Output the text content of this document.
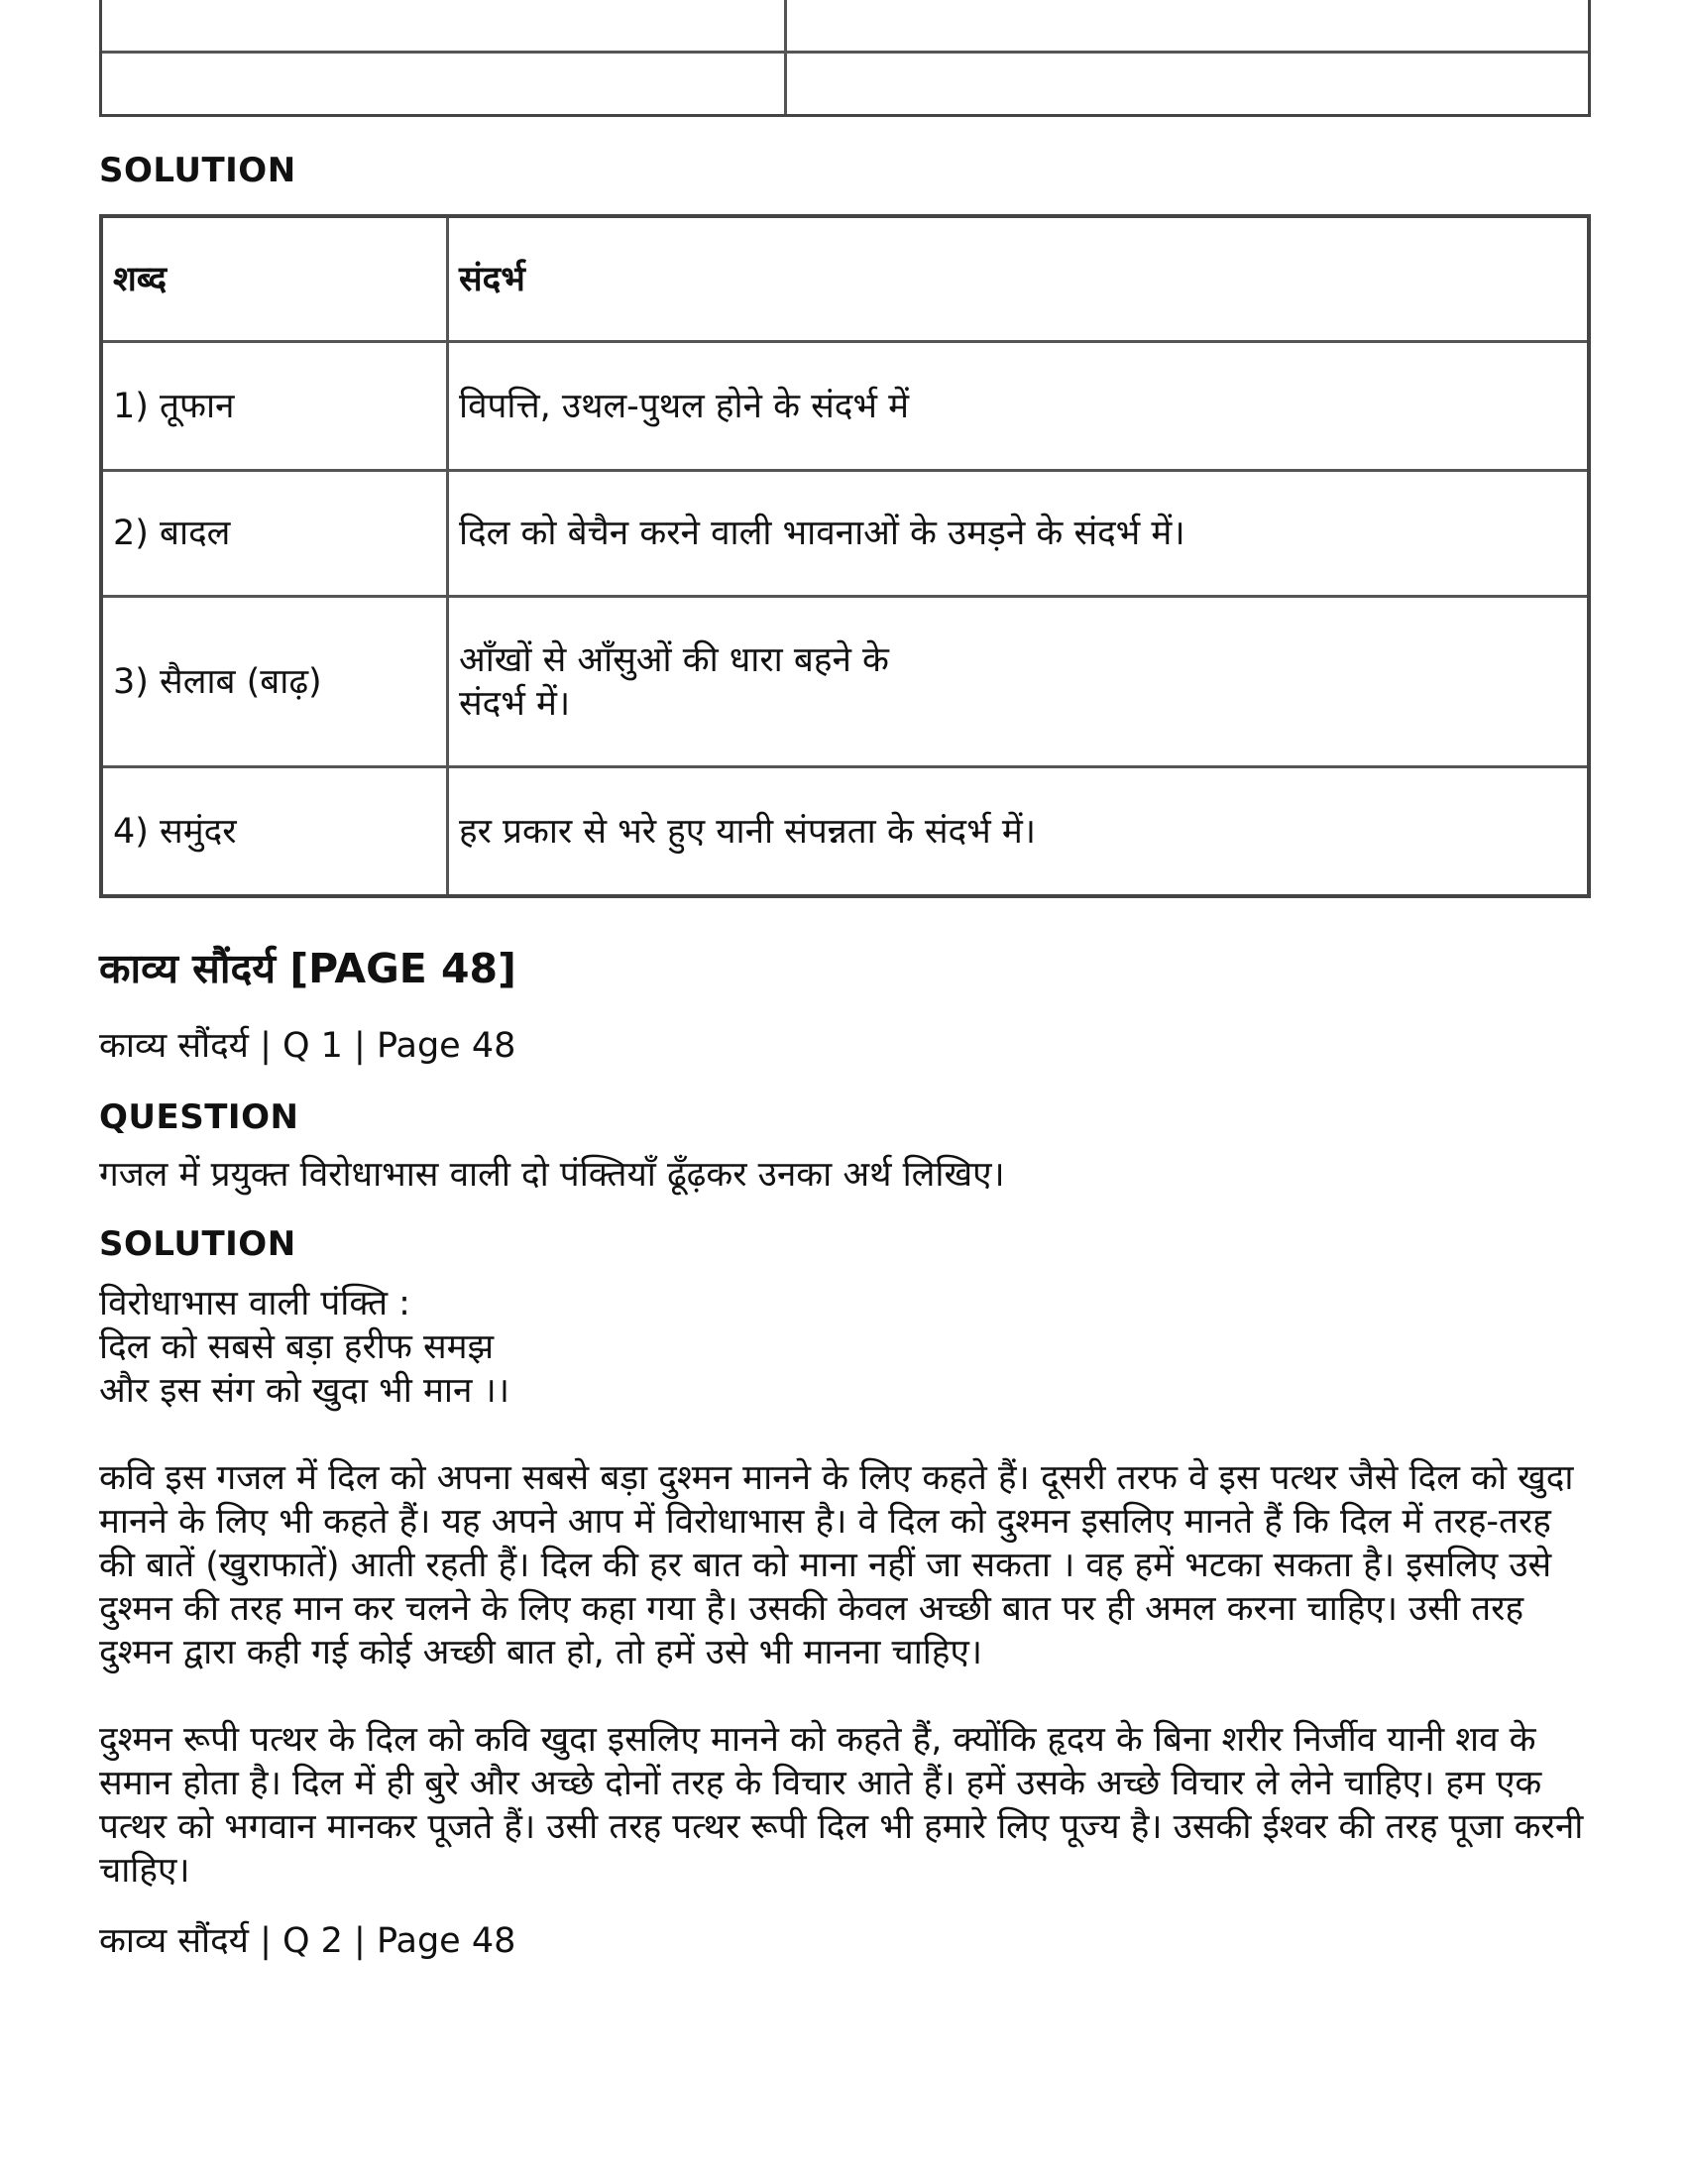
SOLUTION
शब्द	संदर्भ
1) तूफान	विपत्ति, उथल-पुथल होने के संदर्भ में
2) बादल	दिल को बेचैन करने वाली भावनाओं के उमड़ने के संदर्भ में।
3) सैलाब (बाढ़)	आँखों से आँसुओं की धारा बहने के
संदर्भ में।
4) समुंदर	हर प्रकार से भरे हुए यानी संपन्नता के संदर्भ में।
काव्य सौंदर्य [PAGE 48]
काव्य सौंदर्य | Q 1 | Page 48
QUESTION
गजल में प्रयुक्त विरोधाभास वाली दो पंक्तियाँ ढूँढ़कर उनका अर्थ लिखिए।
SOLUTION
विरोधाभास वाली पंक्ति :
दिल को सबसे बड़ा हरीफ समझ
और इस संग को खुदा भी मान ।।
कवि इस गजल में दिल को अपना सबसे बड़ा दुश्मन मानने के लिए कहते हैं। दूसरी तरफ वे इस पत्थर जैसे दिल को खुदा मानने के लिए भी कहते हैं। यह अपने आप में विरोधाभास है। वे दिल को दुश्मन इसलिए मानते हैं कि दिल में तरह-तरह की बातें (खुराफातें) आती रहती हैं। दिल की हर बात को माना नहीं जा सकता । वह हमें भटका सकता है। इसलिए उसे दुश्मन की तरह मान कर चलने के लिए कहा गया है। उसकी केवल अच्छी बात पर ही अमल करना चाहिए। उसी तरह दुश्मन द्वारा कही गई कोई अच्छी बात हो, तो हमें उसे भी मानना चाहिए।
दुश्मन रूपी पत्थर के दिल को कवि खुदा इसलिए मानने को कहते हैं, क्योंकि हृदय के बिना शरीर निर्जीव यानी शव के समान होता है। दिल में ही बुरे और अच्छे दोनों तरह के विचार आते हैं। हमें उसके अच्छे विचार ले लेने चाहिए। हम एक पत्थर को भगवान मानकर पूजते हैं। उसी तरह पत्थर रूपी दिल भी हमारे लिए पूज्य है। उसकी ईश्वर की तरह पूजा करनी चाहिए।
काव्य सौंदर्य | Q 2 | Page 48
